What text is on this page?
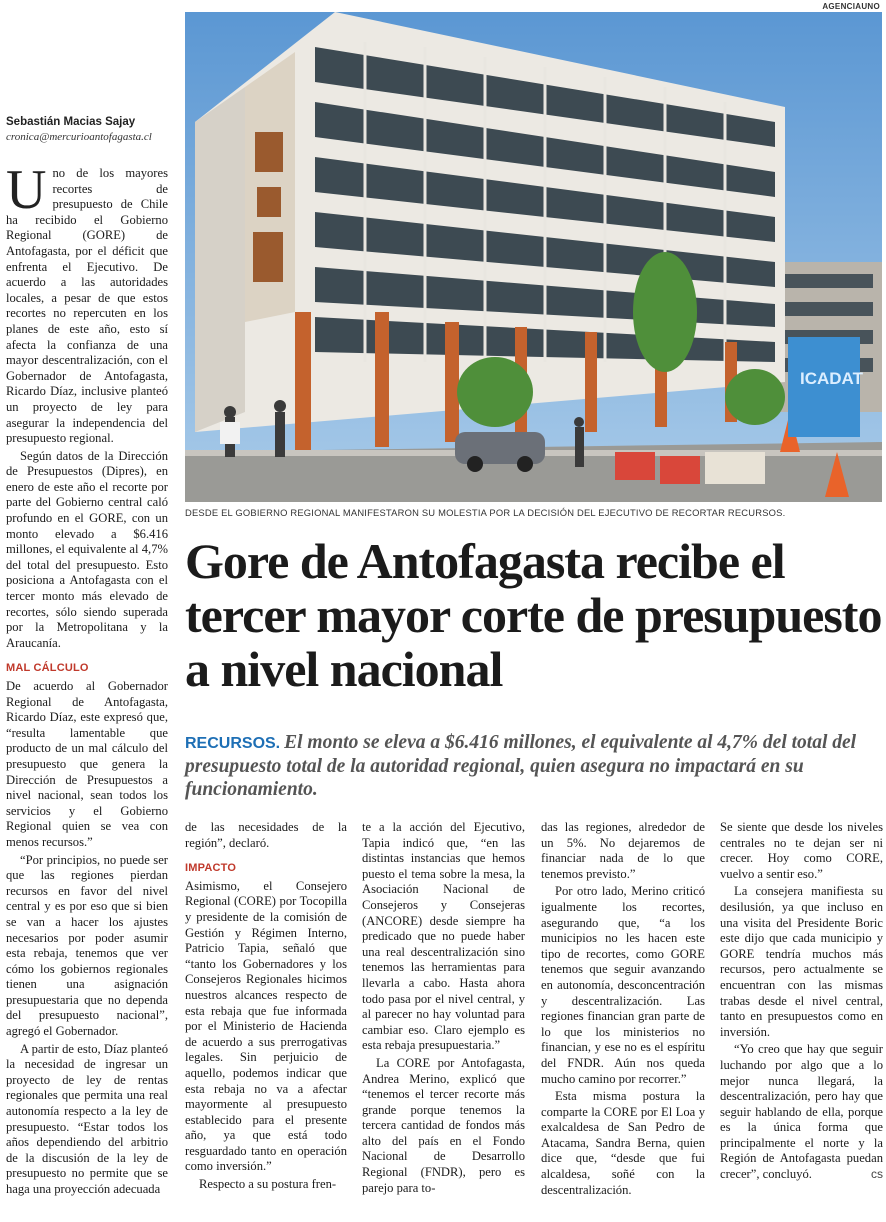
AGENCIAUNO
Sebastián Macias Sajay
cronica@mercurioantofagasta.cl

Uno de los mayores recortes de presupuesto de Chile ha recibido el Gobierno Regional (GORE) de Antofagasta, por el déficit que enfrenta el Ejecutivo. De acuerdo a las autoridades locales, a pesar de que estos recortes no repercuten en los planes de este año, esto sí afecta la confianza de una mayor descentralización, con el Gobernador de Antofagasta, Ricardo Díaz, inclusive planteó un proyecto de ley para asegurar la independencia del presupuesto regional.

Según datos de la Dirección de Presupuestos (Dipres), en enero de este año el recorte por parte del Gobierno central caló profundo en el GORE, con un monto elevado a $6.416 millones, el equivalente al 4,7% del total del presupuesto. Esto posiciona a Antofagasta con el tercer monto más elevado de recortes, sólo siendo superada por la Metropolitana y la Araucanía.

MAL CÁLCULO

De acuerdo al Gobernador Regional de Antofagasta, Ricardo Díaz, este expresó que, “resulta lamentable que producto de un mal cálculo del presupuesto que genera la Dirección de Presupuestos a nivel nacional, sean todos los servicios y el Gobierno Regional quien se vea con menos recursos.”

“Por principios, no puede ser que las regiones pierdan recursos en favor del nivel central y es por eso que si bien se van a hacer los ajustes necesarios por poder asumir esta rebaja, tenemos que ver cómo los gobiernos regionales tienen una asignación presupuestaria que no dependa del presupuesto nacional”, agregó el Gobernador.

A partir de esto, Díaz planteó la necesidad de ingresar un proyecto de ley de rentas regionales que permita una real autonomía respecto a la ley de presupuesto. “Estar todos los años dependiendo del arbitrio de la discusión de la ley de presupuesto no permite que se haga una proyección adecuada

ICADAT
DESDE EL GOBIERNO REGIONAL MANIFESTARON SU MOLESTIA POR LA DECISIÓN DEL EJECUTIVO DE RECORTAR RECURSOS.
Gore de Antofagasta recibe el tercer mayor corte de presupuesto a nivel nacional
RECURSOS. El monto se eleva a $6.416 millones, el equivalente al 4,7% del total del presupuesto total de la autoridad regional, quien asegura no impactará en su funcionamiento.

de las necesidades de la región”, declaró.

IMPACTO

Asimismo, el Consejero Regional (CORE) por Tocopilla y presidente de la comisión de Gestión y Régimen Interno, Patricio Tapia, señaló que “tanto los Gobernadores y los Consejeros Regionales hicimos nuestros alcances respecto de esta rebaja que fue informada por el Ministerio de Hacienda de acuerdo a sus prerrogativas legales. Sin perjuicio de aquello, podemos indicar que esta rebaja no va a afectar mayormente al presupuesto establecido para el presente año, ya que está todo resguardado tanto en operación como inversión.”

Respecto a su postura fren-

te a la acción del Ejecutivo, Tapia indicó que, “en las distintas instancias que hemos puesto el tema sobre la mesa, la Asociación Nacional de Consejeros y Consejeras (ANCORE) desde siempre ha predicado que no puede haber una real descentralización sino tenemos las herramientas para llevarla a cabo. Hasta ahora todo pasa por el nivel central, y al parecer no hay voluntad para cambiar eso. Claro ejemplo es esta rebaja presupuestaria.”

La CORE por Antofagasta, Andrea Merino, explicó que “tenemos el tercer recorte más grande porque tenemos la tercera cantidad de fondos más alto del país en el Fondo Nacional de Desarrollo Regional (FNDR), pero es parejo para to-

das las regiones, alrededor de un 5%. No dejaremos de financiar nada de lo que tenemos previsto.”

Por otro lado, Merino criticó igualmente los recortes, asegurando que, “a los municipios no les hacen este tipo de recortes, como GORE tenemos que seguir avanzando en autonomía, desconcentración y descentralización. Las regiones financian gran parte de lo que los ministerios no financian, y ese no es el espíritu del FNDR. Aún nos queda mucho camino por recorrer.”

Esta misma postura la comparte la CORE por El Loa y exalcaldesa de San Pedro de Atacama, Sandra Berna, quien dice que, “desde que fui alcaldesa, soñé con la descentralización.

Se siente que desde los niveles centrales no te dejan ser ni crecer. Hoy como CORE, vuelvo a sentir eso.”

La consejera manifiesta su desilusión, ya que incluso en una visita del Presidente Boric este dijo que cada municipio y GORE tendría muchos más recursos, pero actualmente se encuentran con las mismas trabas desde el nivel central, tanto en presupuestos como en inversión.

“Yo creo que hay que seguir luchando por algo que a lo mejor nunca llegará, la descentralización, pero hay que seguir hablando de ella, porque es la única forma que principalmente el norte y la Región de Antofagasta puedan crecer”, concluyó.	cs
